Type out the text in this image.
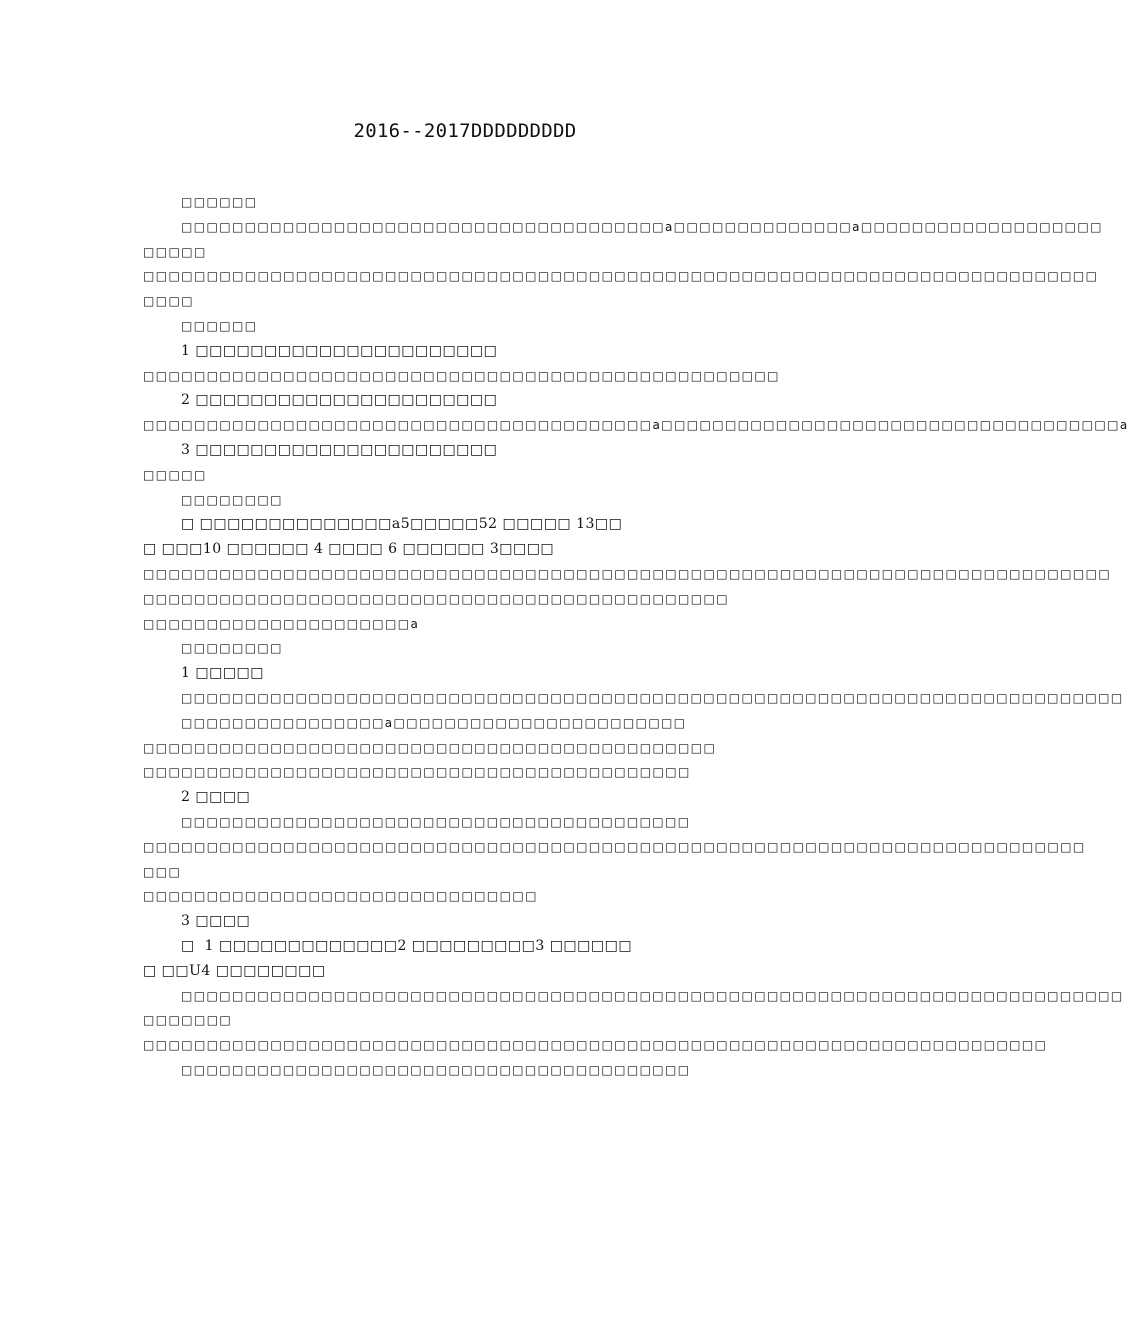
2016--2017DDDDDDDDD
□□□□□□
□□□□□□□□□□□□□□□□□□□□□□□□□□□□□□□□□□□□□□a□□□□□□□□□□□□□□a□□□□□□□□□□□□□□□□□□□
□□□□□
□□□□□□□□□□□□□□□□□□□□□□□□□□□□□□□□□□□□□□□□□□□□□□□□□□□□□□□□□□□□□□□□□□□□□□□□□□□
□□□□
□□□□□□
1 □□□□□□□□□□□□□□□□□□□□□□
□□□□□□□□□□□□□□□□□□□□□□□□□□□□□□□□□□□□□□□□□□□□□□□□□□
2 □□□□□□□□□□□□□□□□□□□□□□
□□□□□□□□□□□□□□□□□□□□□□□□□□□□□□□□□□□□□□□□a□□□□□□□□□□□□□□□□□□□□□□□□□□□□□□□□□□□□a
3 □□□□□□□□□□□□□□□□□□□□□□
□□□□□
□□□□□□□□
□ □□□□□□□□□□□□□□a5□□□□□52 □□□□□ 13□□
□ □□□10 □□□□□□ 4 □□□□ 6 □□□□□□ 3□□□□
□□□□□□□□□□□□□□□□□□□□□□□□□□□□□□□□□□□□□□□□□□□□□□□□□□□□□□□□□□□□□□□□□□□□□□□□□□□□
□□□□□□□□□□□□□□□□□□□□□□□□□□□□□□□□□□□□□□□□□□□□□□
□□□□□□□□□□□□□□□□□□□□□a
□□□□□□□□
1 □□□□□
□□□□□□□□□□□□□□□□□□□□□□□□□□□□□□□□□□□□□□□□□□□□□□□□□□□□□□□□□□□□□□□□□□□□□□□□□□
□□□□□□□□□□□□□□□□a□□□□□□□□□□□□□□□□□□□□□□□
□□□□□□□□□□□□□□□□□□□□□□□□□□□□□□□□□□□□□□□□□□□□□
□□□□□□□□□□□□□□□□□□□□□□□□□□□□□□□□□□□□□□□□□□□
2 □□□□
□□□□□□□□□□□□□□□□□□□□□□□□□□□□□□□□□□□□□□□□
□□□□□□□□□□□□□□□□□□□□□□□□□□□□□□□□□□□□□□□□□□□□□□□□□□□□□□□□□□□□□□□□□□□□□□□□□□
□□□
□□□□□□□□□□□□□□□□□□□□□□□□□□□□□□□
3 □□□□
□  1 □□□□□□□□□□□□□2 □□□□□□□□□3 □□□□□□
□ □□U4 □□□□□□□□
□□□□□□□□□□□□□□□□□□□□□□□□□□□□□□□□□□□□□□□□□□□□□□□□□□□□□□□□□□□□□□□□□□□□□□□□□□
□□□□□□□
□□□□□□□□□□□□□□□□□□□□□□□□□□□□□□□□□□□□□□□□□□□□□□□□□□□□□□□□□□□□□□□□□□□□□□□
□□□□□□□□□□□□□□□□□□□□□□□□□□□□□□□□□□□□□□□□
